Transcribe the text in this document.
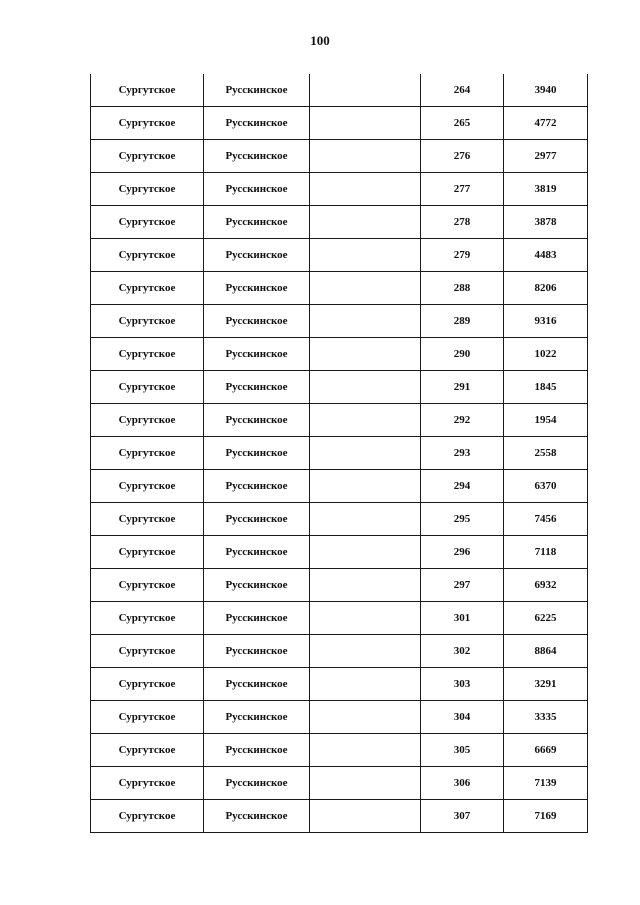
100
Сургутское	Русскинское		264	3940
Сургутское	Русскинское		265	4772
Сургутское	Русскинское		276	2977
Сургутское	Русскинское		277	3819
Сургутское	Русскинское		278	3878
Сургутское	Русскинское		279	4483
Сургутское	Русскинское		288	8206
Сургутское	Русскинское		289	9316
Сургутское	Русскинское		290	1022
Сургутское	Русскинское		291	1845
Сургутское	Русскинское		292	1954
Сургутское	Русскинское		293	2558
Сургутское	Русскинское		294	6370
Сургутское	Русскинское		295	7456
Сургутское	Русскинское		296	7118
Сургутское	Русскинское		297	6932
Сургутское	Русскинское		301	6225
Сургутское	Русскинское		302	8864
Сургутское	Русскинское		303	3291
Сургутское	Русскинское		304	3335
Сургутское	Русскинское		305	6669
Сургутское	Русскинское		306	7139
Сургутское	Русскинское		307	7169
